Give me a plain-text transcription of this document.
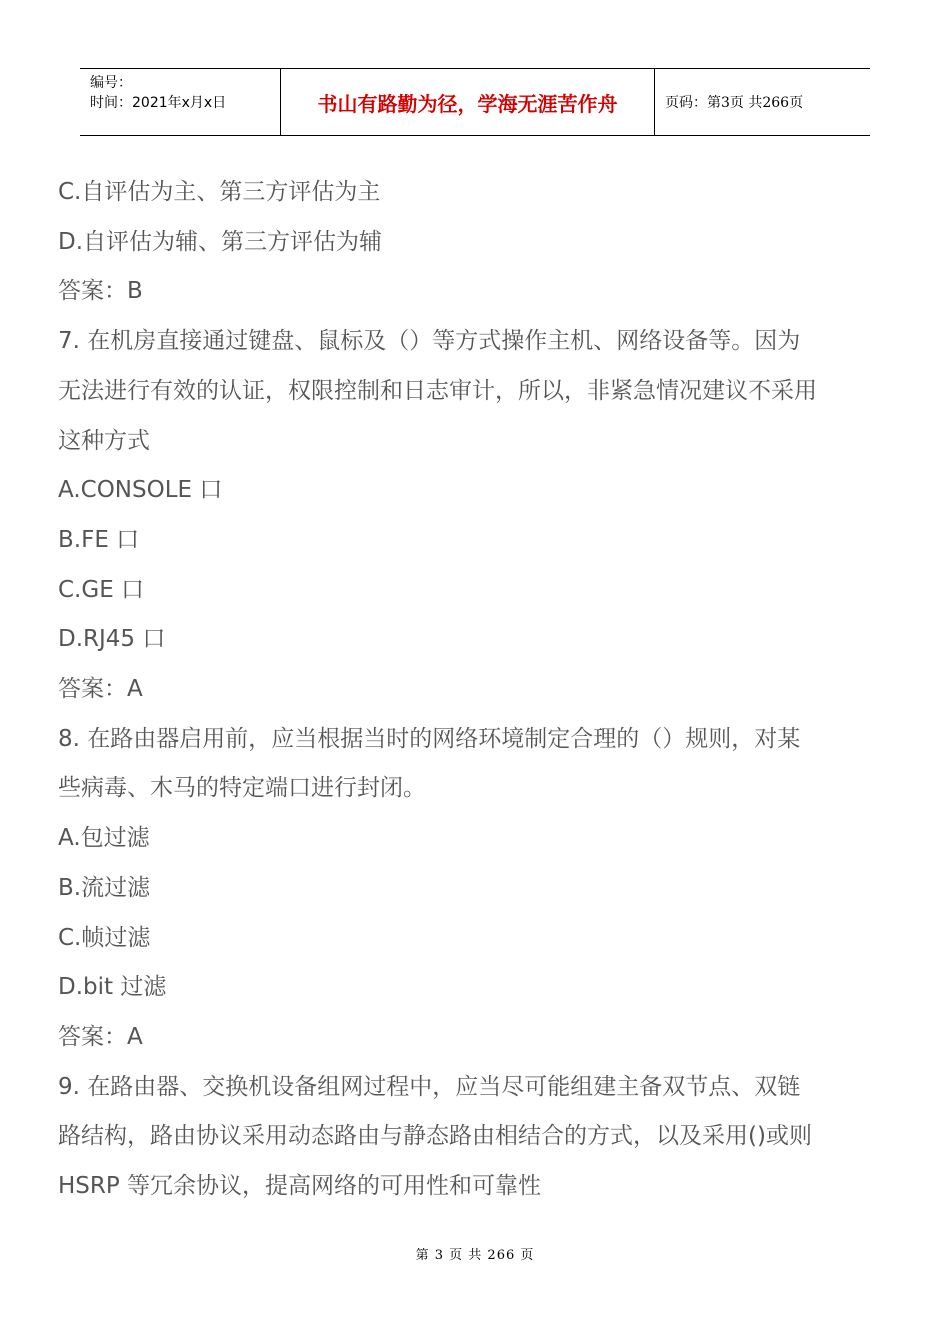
编号：
时间：2021年x月x日	书山有路勤为径，学海无涯苦作舟	页码：第3页 共266页
C.自评估为主、第三方评估为主
D.自评估为辅、第三方评估为辅
答案：B
7. 在机房直接通过键盘、鼠标及（）等方式操作主机、网络设备等。因为
无法进行有效的认证，权限控制和日志审计，所以，非紧急情况建议不采用
这种方式
A.CONSOLE 口
B.FE 口
C.GE 口
D.RJ45 口
答案：A
8. 在路由器启用前，应当根据当时的网络环境制定合理的（）规则，对某
些病毒、木马的特定端口进行封闭。
A.包过滤
B.流过滤
C.帧过滤
D.bit 过滤
答案：A
9. 在路由器、交换机设备组网过程中，应当尽可能组建主备双节点、双链
路结构，路由协议采用动态路由与静态路由相结合的方式，以及采用()或则
HSRP 等冗余协议，提高网络的可用性和可靠性
第 3 页 共 266 页
